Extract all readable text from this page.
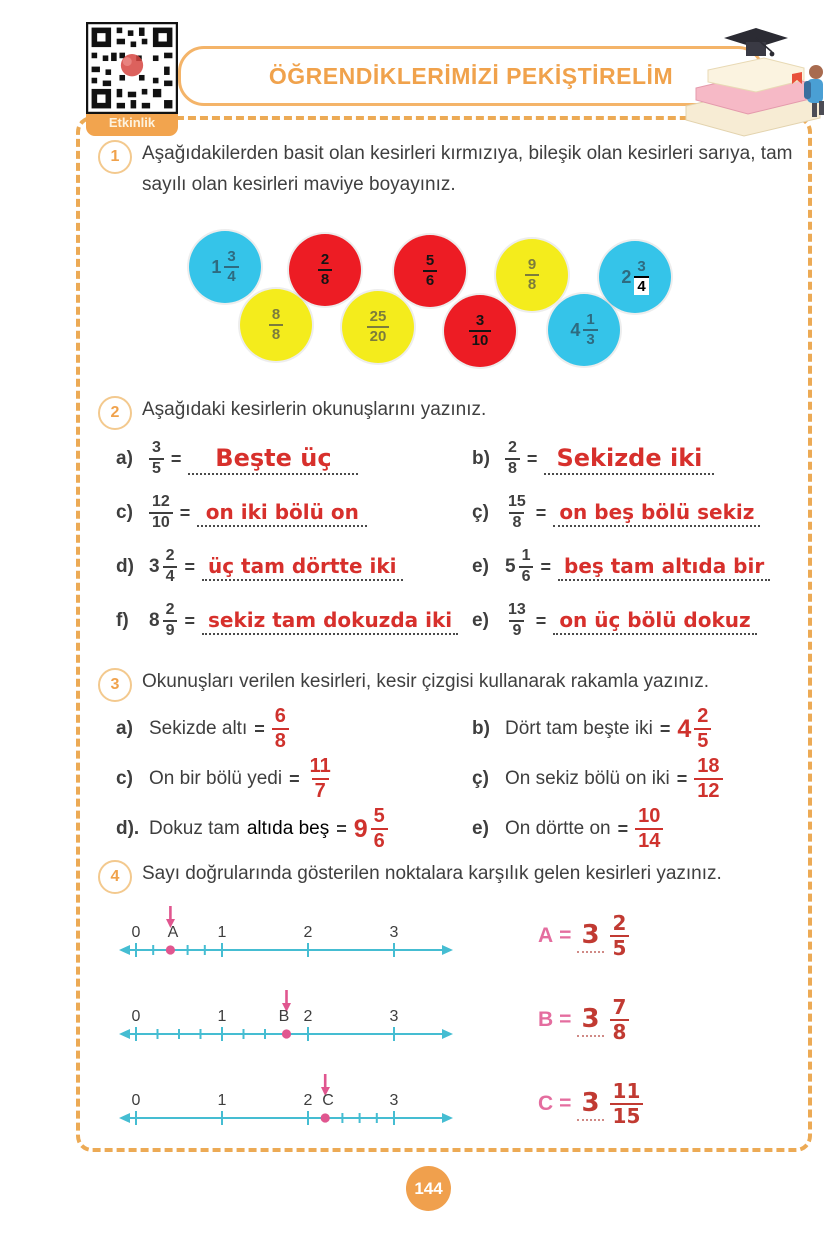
Etkinlik
ÖĞRENDİKLERİMİZİ PEKİŞTİRELİM
1	Aşağıdakilerden basit olan kesirleri kırmızıya, bileşik olan kesirleri sarıya, tam sayılı olan kesirleri maviye boyayınız.

$1 \frac{3}{4}$	$\frac{2}{8}$	$\frac{5}{6}$	$\frac{9}{8}$	$2 \frac{3}{4}$
$\frac{8}{8}$	$\frac{25}{20}$	$\frac{3}{10}$	$4 \frac{1}{3}$
2	Aşağıdaki kesirlerin okunuşlarını yazınız.

a)	$\frac{3}{5}$ =	Beşte üç	$b) \frac{2}{8}$ = Sekizde iki
c)	$\frac{12}{10}$ = on iki bölü on	ç)	$\frac{15}{8}$ = on beş bölü sekiz
d) $3 \frac{2}{4}$ = üç tam dörtte iki	e) $5 \frac{1}{6}$ = beş tam altıda bir
f)	$8 \frac{2}{9}$ = sekiz tam dokuzda iki	e)	$\frac{13}{9}$ = on üç bölü dokuz
3	Okunuşları verilen kesirleri, kesir çizgisi kullanarak rakamla yazınız.

a) Sekizde altı = $\frac{6}{8}$	b) Dört tam beşte iki = $4 \frac{2}{5}$
c) On bir bölü yedi = $\frac{11}{7}$	ç) On sekiz bölü on iki = $\frac{18}{12}$
d). Dokuz tam altıda beş = $9 \frac{5}{6}$	e) On dörtte on = $\frac{10}{14}$
4	Sayı doğrularında gösterilen noktalara karşılık gelen kesirleri yazınız.

0 A 1	2	3	$A = 3 \frac{2}{5}$
0	1	B 2	3	$B = 3 \frac{7}{8}$
0	1	2 C	3	$C = 3 \frac{11}{15}$
144
